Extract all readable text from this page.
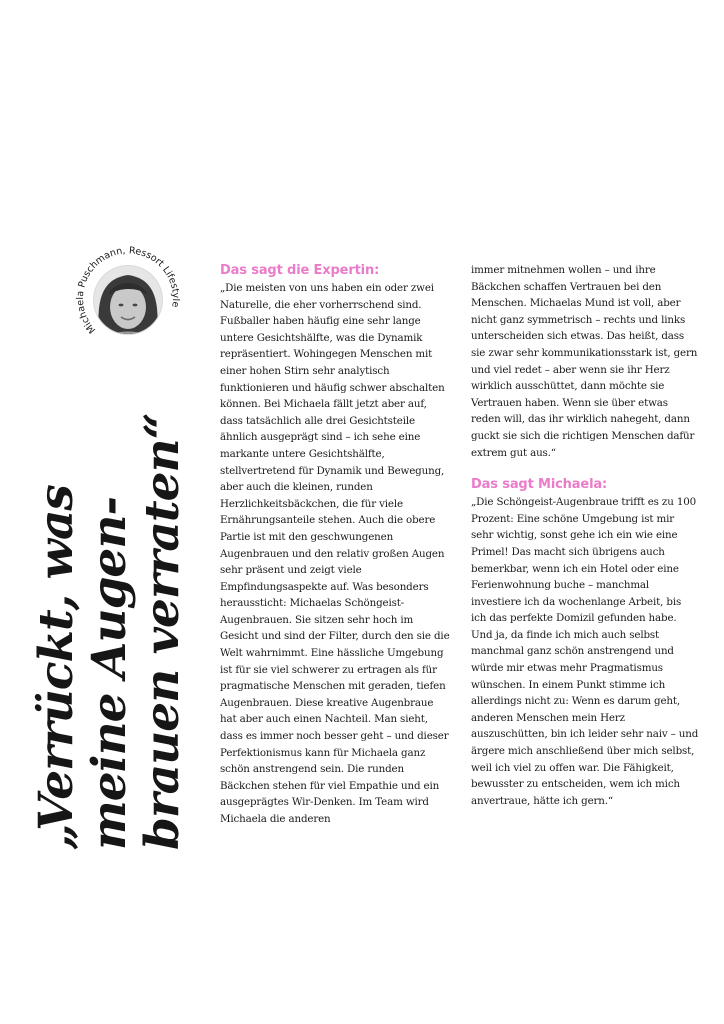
„Verrückt, was
meine Augen-
brauen verraten“
Michaela Puschmann, Ressort Lifestyle
Das sagt die Expertin:

„Die meisten von uns haben ein oder zwei Naturelle, die eher vorherrschend sind. Fußballer haben häufig eine sehr lange untere Gesichtshälfte, was die Dynamik repräsentiert. Wohingegen Menschen mit einer hohen Stirn sehr analytisch funktionieren und häufig schwer abschalten können. Bei Michaela fällt jetzt aber auf, dass tatsächlich alle drei Gesichtsteile ähnlich ausgeprägt sind – ich sehe eine markante untere Gesichtshälfte, stellvertretend für Dynamik und Bewegung, aber auch die kleinen, runden Herzlichkeitsbäckchen, die für viele Ernährungsanteile stehen. Auch die obere Partie ist mit den geschwungenen Augenbrauen und den relativ großen Augen sehr präsent und zeigt viele Empfindungsaspekte auf. Was besonders heraussticht: Michaelas Schöngeist-Augenbrauen. Sie sitzen sehr hoch im Gesicht und sind der Filter, durch den sie die Welt wahrnimmt. Eine hässliche Umgebung ist für sie viel schwerer zu ertragen als für pragmatische Menschen mit geraden, tiefen Augenbrauen. Diese kreative Augenbraue hat aber auch einen Nachteil. Man sieht, dass es immer noch besser geht – und dieser Perfektionismus kann für Michaela ganz schön anstrengend sein. Die runden Bäckchen stehen für viel Empathie und ein ausgeprägtes Wir-Denken. Im Team wird Michaela die anderen

immer mitnehmen wollen – und ihre Bäckchen schaffen Vertrauen bei den Menschen. Michaelas Mund ist voll, aber nicht ganz symmetrisch – rechts und links unterscheiden sich etwas. Das heißt, dass sie zwar sehr kommunikationsstark ist, gern und viel redet – aber wenn sie ihr Herz wirklich ausschüttet, dann möchte sie Vertrauen haben. Wenn sie über etwas reden will, das ihr wirklich nahegeht, dann guckt sie sich die richtigen Menschen dafür extrem gut aus.“

Das sagt Michaela:

„Die Schöngeist-Augenbraue trifft es zu 100 Prozent: Eine schöne Umgebung ist mir sehr wichtig, sonst gehe ich ein wie eine Primel! Das macht sich übrigens auch bemerkbar, wenn ich ein Hotel oder eine Ferienwohnung buche – manchmal investiere ich da wochenlange Arbeit, bis ich das perfekte Domizil gefunden habe. Und ja, da finde ich mich auch selbst manchmal ganz schön anstrengend und würde mir etwas mehr Pragmatismus wünschen. In einem Punkt stimme ich allerdings nicht zu: Wenn es darum geht, anderen Menschen mein Herz auszuschütten, bin ich leider sehr naiv – und ärgere mich anschließend über mich selbst, weil ich viel zu offen war. Die Fähigkeit, bewusster zu entscheiden, wem ich mich anvertraue, hätte ich gern.“
